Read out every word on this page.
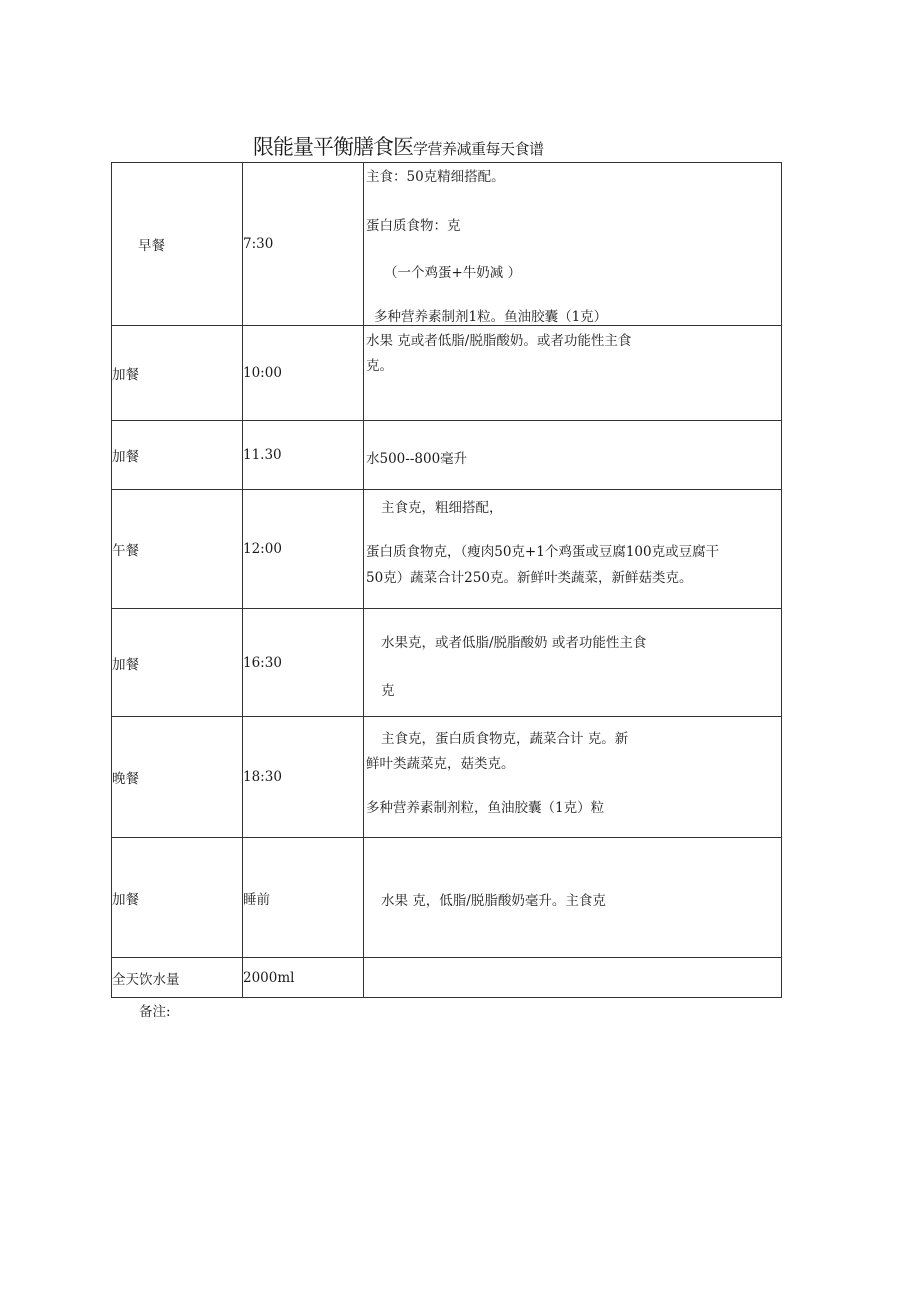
限能量平衡膳食医学营养减重每天食谱
早餐	7:30	主食：50克精细搭配。
蛋白质食物：克
（一个鸡蛋+牛奶减 ）
多种营养素制剂1粒。鱼油胶囊（1克）

加餐	10:00	水果 克或者低脂/脱脂酸奶。或者功能性主食
克。

加餐	11.30	水500--800毫升

午餐	12:00	主食克，粗细搭配，
蛋白质食物克，（瘦肉50克+1个鸡蛋或豆腐100克或豆腐干
50克）蔬菜合计250克。新鲜叶类蔬菜，新鲜菇类克。

加餐	16:30	水果克，或者低脂/脱脂酸奶 或者功能性主食
克

晚餐	18:30	主食克，蛋白质食物克，蔬菜合计 克。新
鲜叶类蔬菜克，菇类克。
多种营养素制剂粒，鱼油胶囊（1克）粒

加餐	睡前	水果 克，低脂/脱脂酸奶毫升。主食克

全天饮水量	2000ml	
备注:
